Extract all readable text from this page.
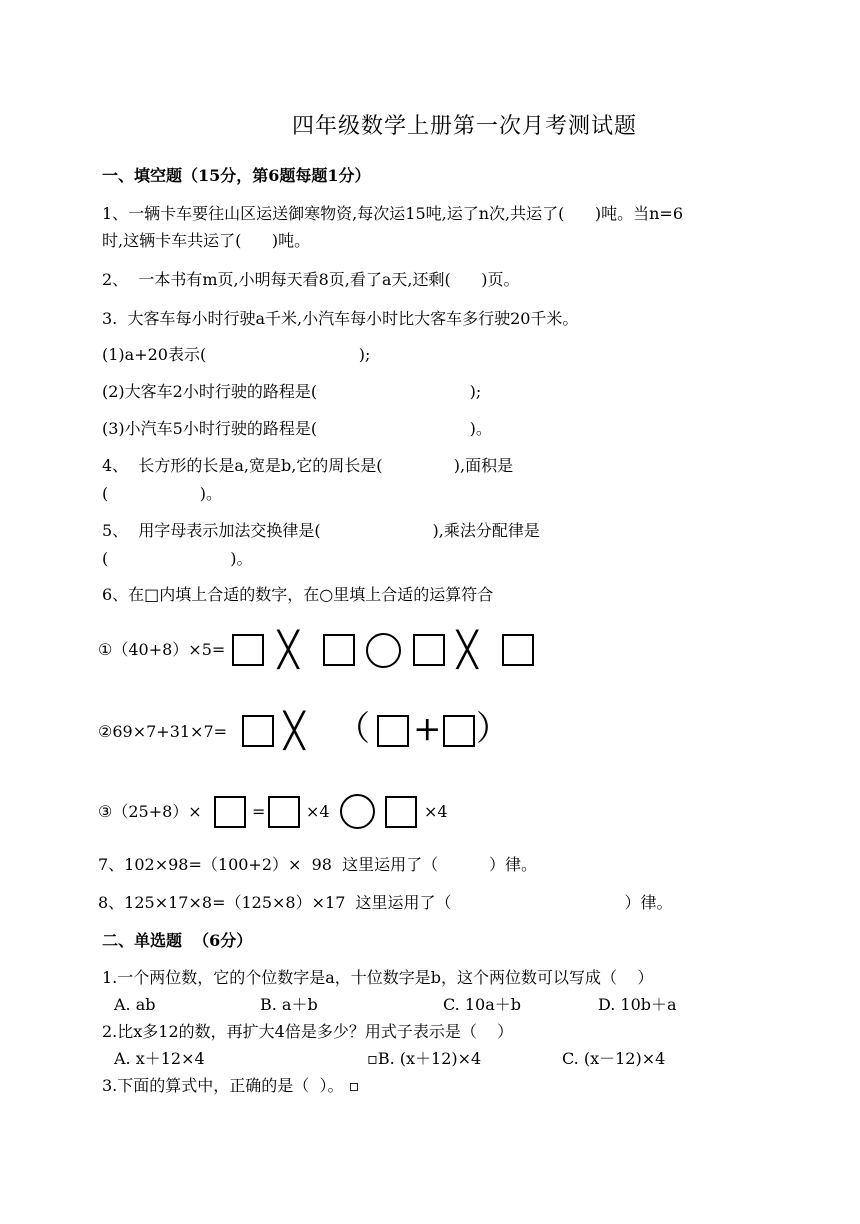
四年级数学上册第一次月考测试题
一、填空题（15分，第6题每题1分）
1、一辆卡车要往山区运送御寒物资,每次运15吨,运了n次,共运了(      )吨。当n=6
时,这辆卡车共运了(      )吨。
2、  一本书有m页,小明每天看8页,看了a天,还剩(      )页。
3.  大客车每小时行驶a千米,小汽车每小时比大客车多行驶20千米。
(1)a+20表示(                              );
(2)大客车2小时行驶的路程是(                              );
(3)小汽车5小时行驶的路程是(                              )。
4、  长方形的长是a,宽是b,它的周长是(              ),面积是
(                  )。
5、  用字母表示加法交换律是(                      ),乘法分配律是
(                        )。
6、在□内填上合适的数字，在○里填上合适的运算符合
①（40+8）×5= ╳	╳
②69×7+31×7= ╳ （ + ）
③（25+8）×	=	×4	×4
7、102×98=（100+2）×  98  这里运用了（          ）律。
8、125×17×8=（125×8）×17  这里运用了（                                  ）律。
二、单选题  （6分）
1.一个两位数，它的个位数字是a，十位数字是b，这个两位数可以写成（    ）
A. ab	B. a＋b	C. 10a＋b	D. 10b＋a
2.比x多12的数，再扩大4倍是多少？用式子表示是（    ）
A. x＋12×4	▫B. (x＋12)×4	C. (x－12)×4
3.下面的算式中，正确的是（  ）。 ▫
